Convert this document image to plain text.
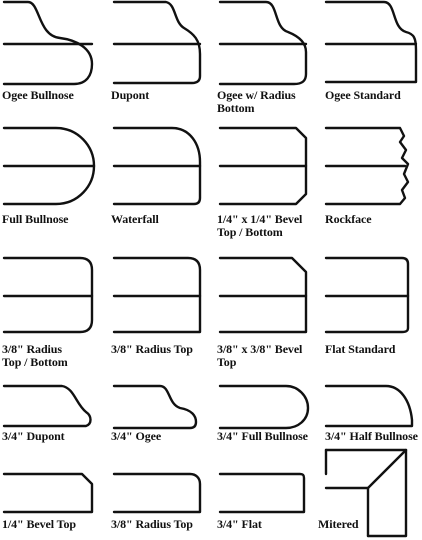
Ogee Bullnose	Dupont	Ogee w/ Radius
Bottom
Ogee Standard
Full Bullnose	Waterfall	1/4" x 1/4" Bevel
Top / Bottom
Rockface
3/8" Radius
Top / Bottom
3/8" Radius Top 3/8" x 3/8" Bevel
Top
Flat Standard
3/4" Dupont	3/4" Ogee	3/4" Full Bullnose 3/4" Half Bullnose
1/4" Bevel Top	3/8" Radius Top 3/4" Flat	Mitered
